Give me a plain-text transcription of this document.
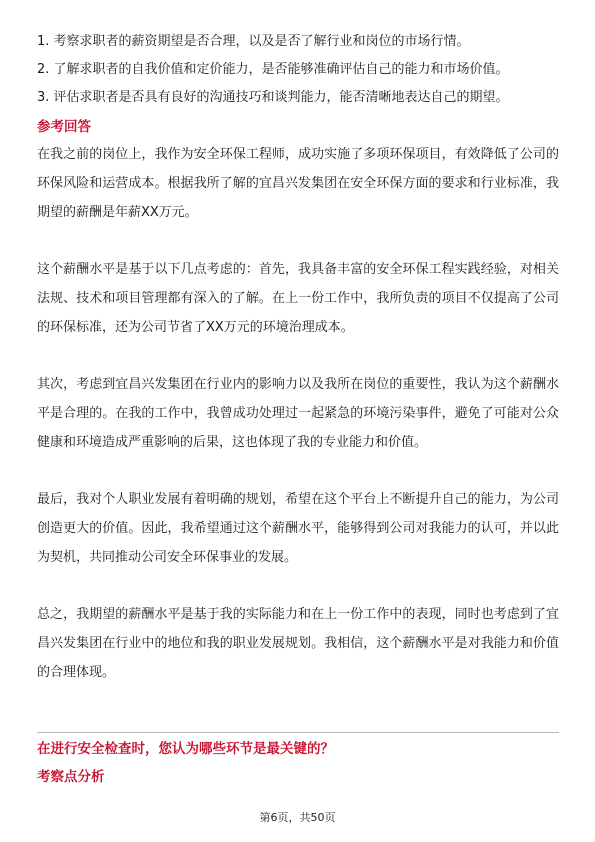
1. 考察求职者的薪资期望是否合理，以及是否了解行业和岗位的市场行情。

2. 了解求职者的自我价值和定价能力，是否能够准确评估自己的能力和市场价值。

3. 评估求职者是否具有良好的沟通技巧和谈判能力，能否清晰地表达自己的期望。

参考回答

在我之前的岗位上，我作为安全环保工程师，成功实施了多项环保项目，有效降低了公司的环保风险和运营成本。根据我所了解的宜昌兴发集团在安全环保方面的要求和行业标准，我期望的薪酬是年薪XX万元。

这个薪酬水平是基于以下几点考虑的：首先，我具备丰富的安全环保工程实践经验，对相关法规、技术和项目管理都有深入的了解。在上一份工作中，我所负责的项目不仅提高了公司的环保标准，还为公司节省了XX万元的环境治理成本。

其次，考虑到宜昌兴发集团在行业内的影响力以及我所在岗位的重要性，我认为这个薪酬水平是合理的。在我的工作中，我曾成功处理过一起紧急的环境污染事件，避免了可能对公众健康和环境造成严重影响的后果，这也体现了我的专业能力和价值。

最后，我对个人职业发展有着明确的规划，希望在这个平台上不断提升自己的能力，为公司创造更大的价值。因此，我希望通过这个薪酬水平，能够得到公司对我能力的认可，并以此为契机，共同推动公司安全环保事业的发展。

总之，我期望的薪酬水平是基于我的实际能力和在上一份工作中的表现，同时也考虑到了宜昌兴发集团在行业中的地位和我的职业发展规划。我相信，这个薪酬水平是对我能力和价值的合理体现。

在进行安全检查时，您认为哪些环节是最关键的？

考察点分析

第6页，共50页
